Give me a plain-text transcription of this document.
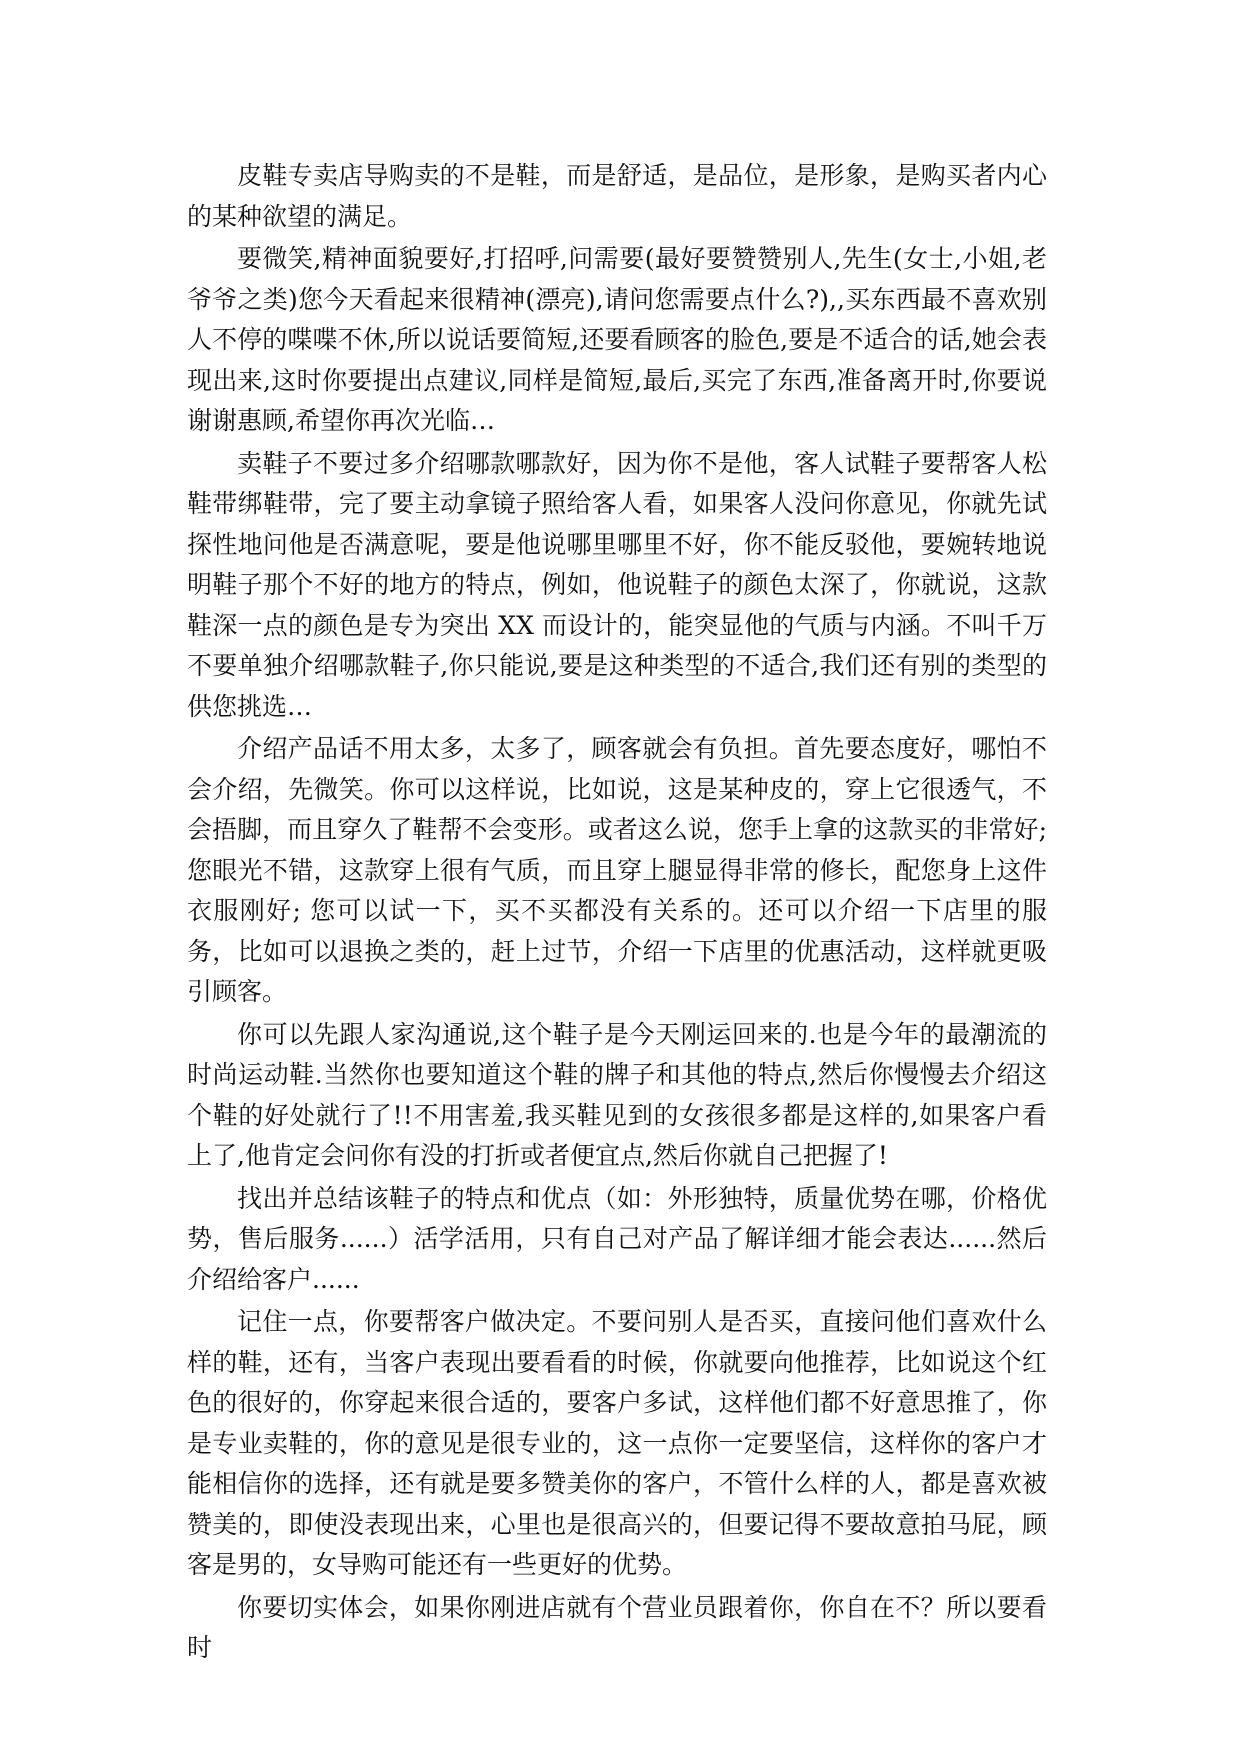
皮鞋专卖店导购卖的不是鞋，而是舒适，是品位，是形象，是购买者内心的某种欲望的满足。

要微笑,精神面貌要好,打招呼,问需要(最好要赞赞别人,先生(女士,小姐,老爷爷之类)您今天看起来很精神(漂亮),请问您需要点什么?),,买东西最不喜欢别人不停的喋喋不休,所以说话要简短,还要看顾客的脸色,要是不适合的话,她会表现出来,这时你要提出点建议,同样是简短,最后,买完了东西,准备离开时,你要说谢谢惠顾,希望你再次光临…

卖鞋子不要过多介绍哪款哪款好，因为你不是他，客人试鞋子要帮客人松鞋带绑鞋带，完了要主动拿镜子照给客人看，如果客人没问你意见，你就先试探性地问他是否满意呢，要是他说哪里哪里不好，你不能反驳他，要婉转地说明鞋子那个不好的地方的特点，例如，他说鞋子的颜色太深了，你就说，这款鞋深一点的颜色是专为突出 XX 而设计的，能突显他的气质与内涵。不叫千万不要单独介绍哪款鞋子,你只能说,要是这种类型的不适合,我们还有别的类型的供您挑选…

介绍产品话不用太多，太多了，顾客就会有负担。首先要态度好，哪怕不会介绍，先微笑。你可以这样说，比如说，这是某种皮的，穿上它很透气，不会捂脚，而且穿久了鞋帮不会变形。或者这么说，您手上拿的这款买的非常好; 您眼光不错，这款穿上很有气质，而且穿上腿显得非常的修长，配您身上这件衣服刚好; 您可以试一下，买不买都没有关系的。还可以介绍一下店里的服务，比如可以退换之类的，赶上过节，介绍一下店里的优惠活动，这样就更吸引顾客。

你可以先跟人家沟通说,这个鞋子是今天刚运回来的.也是今年的最潮流的时尚运动鞋.当然你也要知道这个鞋的牌子和其他的特点,然后你慢慢去介绍这个鞋的好处就行了!!不用害羞,我买鞋见到的女孩很多都是这样的,如果客户看上了,他肯定会问你有没的打折或者便宜点,然后你就自己把握了!

找出并总结该鞋子的特点和优点（如：外形独特，质量优势在哪，价格优势，售后服务......）活学活用，只有自己对产品了解详细才能会表达......然后介绍给客户......

记住一点，你要帮客户做决定。不要问别人是否买，直接问他们喜欢什么样的鞋，还有，当客户表现出要看看的时候，你就要向他推荐，比如说这个红色的很好的，你穿起来很合适的，要客户多试，这样他们都不好意思推了，你是专业卖鞋的，你的意见是很专业的，这一点你一定要坚信，这样你的客户才能相信你的选择，还有就是要多赞美你的客户，不管什么样的人，都是喜欢被赞美的，即使没表现出来，心里也是很高兴的，但要记得不要故意拍马屁，顾客是男的，女导购可能还有一些更好的优势。

你要切实体会，如果你刚进店就有个营业员跟着你，你自在不？所以要看时
